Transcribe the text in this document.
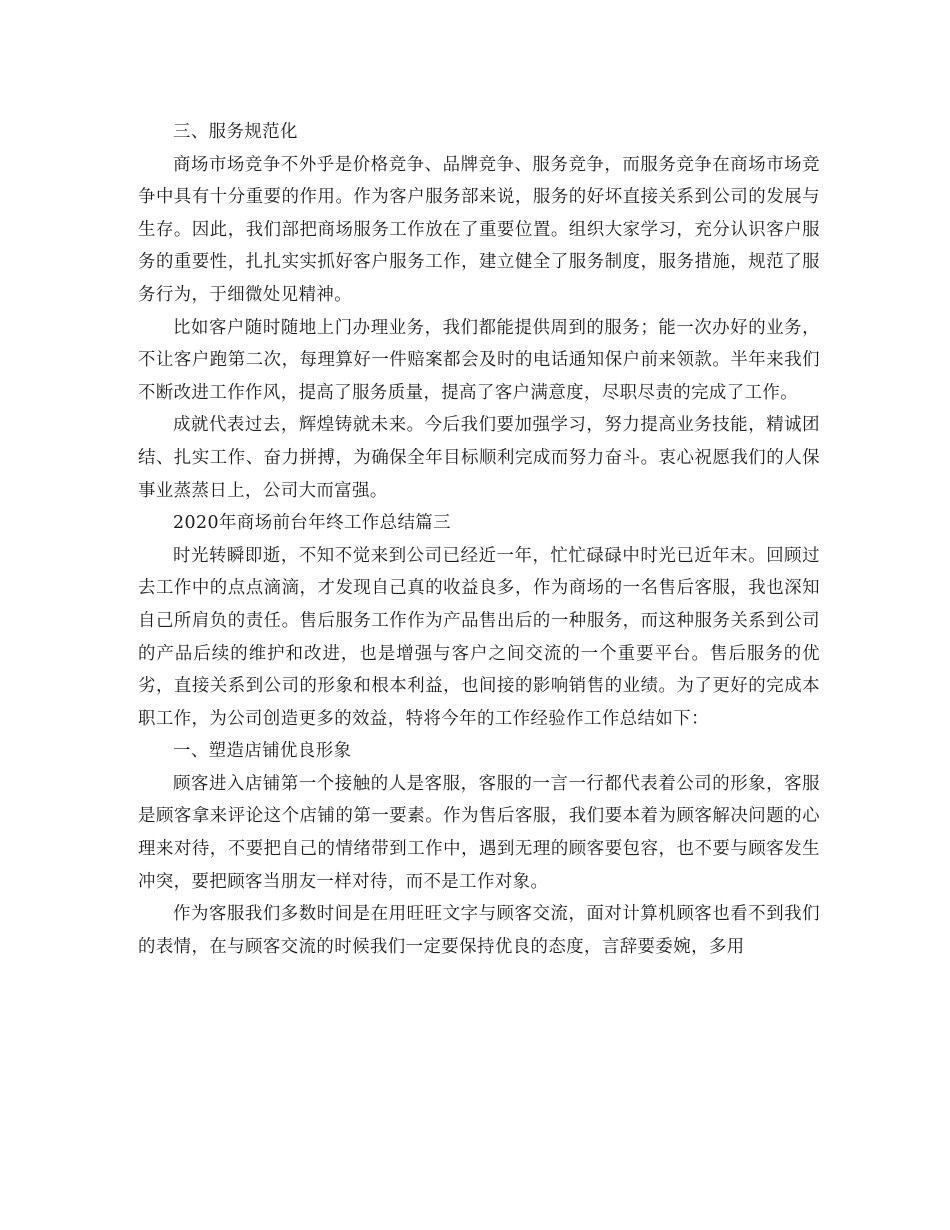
三、服务规范化

商场市场竞争不外乎是价格竞争、品牌竞争、服务竞争，而服务竞争在商场市场竞争中具有十分重要的作用。作为客户服务部来说，服务的好坏直接关系到公司的发展与生存。因此，我们部把商场服务工作放在了重要位置。组织大家学习，充分认识客户服务的重要性，扎扎实实抓好客户服务工作，建立健全了服务制度，服务措施，规范了服务行为，于细微处见精神。

比如客户随时随地上门办理业务，我们都能提供周到的服务；能一次办好的业务，不让客户跑第二次，每理算好一件赔案都会及时的电话通知保户前来领款。半年来我们不断改进工作作风，提高了服务质量，提高了客户满意度，尽职尽责的完成了工作。

成就代表过去，辉煌铸就未来。今后我们要加强学习，努力提高业务技能，精诚团结、扎实工作、奋力拼搏，为确保全年目标顺利完成而努力奋斗。衷心祝愿我们的人保事业蒸蒸日上，公司大而富强。

2020年商场前台年终工作总结篇三

时光转瞬即逝，不知不觉来到公司已经近一年，忙忙碌碌中时光已近年末。回顾过去工作中的点点滴滴，才发现自己真的收益良多，作为商场的一名售后客服，我也深知自己所肩负的责任。售后服务工作作为产品售出后的一种服务，而这种服务关系到公司的产品后续的维护和改进，也是增强与客户之间交流的一个重要平台。售后服务的优劣，直接关系到公司的形象和根本利益，也间接的影响销售的业绩。为了更好的完成本职工作，为公司创造更多的效益，特将今年的工作经验作工作总结如下：

一、塑造店铺优良形象

顾客进入店铺第一个接触的人是客服，客服的一言一行都代表着公司的形象，客服是顾客拿来评论这个店铺的第一要素。作为售后客服，我们要本着为顾客解决问题的心理来对待，不要把自己的情绪带到工作中，遇到无理的顾客要包容，也不要与顾客发生冲突，要把顾客当朋友一样对待，而不是工作对象。

作为客服我们多数时间是在用旺旺文字与顾客交流，面对计算机顾客也看不到我们的表情，在与顾客交流的时候我们一定要保持优良的态度，言辞要委婉，多用
